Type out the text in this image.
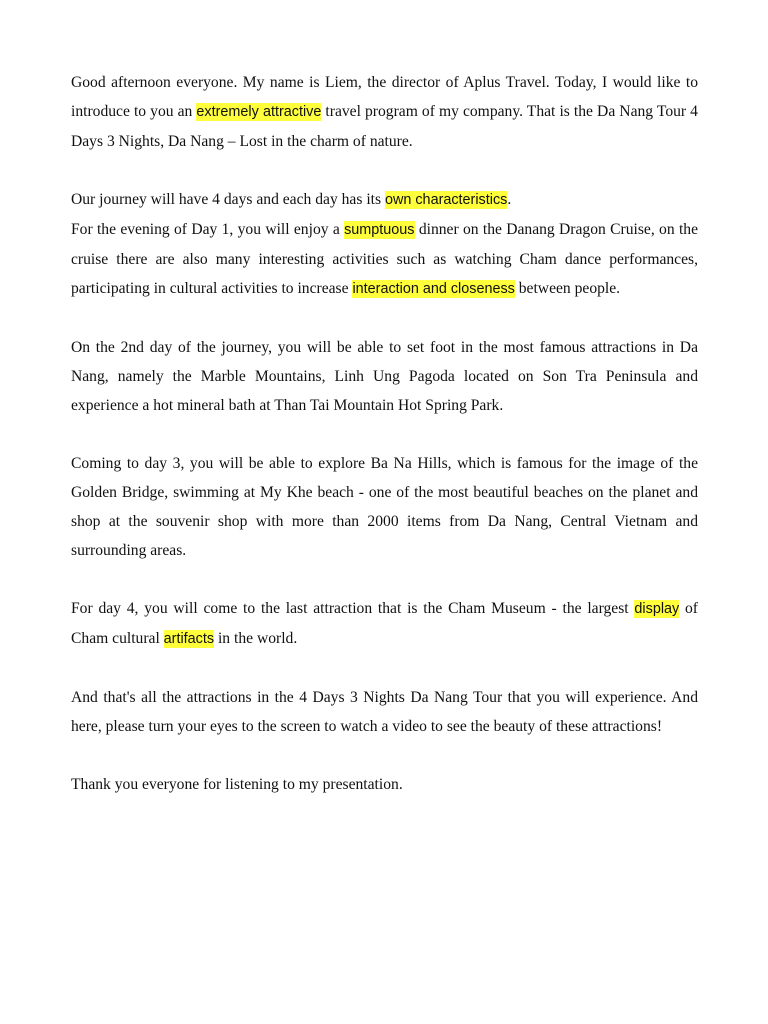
Good afternoon everyone. My name is Liem, the director of Aplus Travel. Today, I would like to introduce to you an extremely attractive travel program of my company. That is the Da Nang Tour 4 Days 3 Nights, Da Nang – Lost in the charm of nature.

Our journey will have 4 days and each day has its own characteristics.

For the evening of Day 1, you will enjoy a sumptuous dinner on the Danang Dragon Cruise, on the cruise there are also many interesting activities such as watching Cham dance performances, participating in cultural activities to increase interaction and closeness between people.

On the 2nd day of the journey, you will be able to set foot in the most famous attractions in Da Nang, namely the Marble Mountains, Linh Ung Pagoda located on Son Tra Peninsula and experience a hot mineral bath at Than Tai Mountain Hot Spring Park.

Coming to day 3, you will be able to explore Ba Na Hills, which is famous for the image of the Golden Bridge, swimming at My Khe beach - one of the most beautiful beaches on the planet and shop at the souvenir shop with more than 2000 items from Da Nang, Central Vietnam and surrounding areas.

For day 4, you will come to the last attraction that is the Cham Museum - the largest display of Cham cultural artifacts in the world.

And that's all the attractions in the 4 Days 3 Nights Da Nang Tour that you will experience. And here, please turn your eyes to the screen to watch a video to see the beauty of these attractions!

Thank you everyone for listening to my presentation.
